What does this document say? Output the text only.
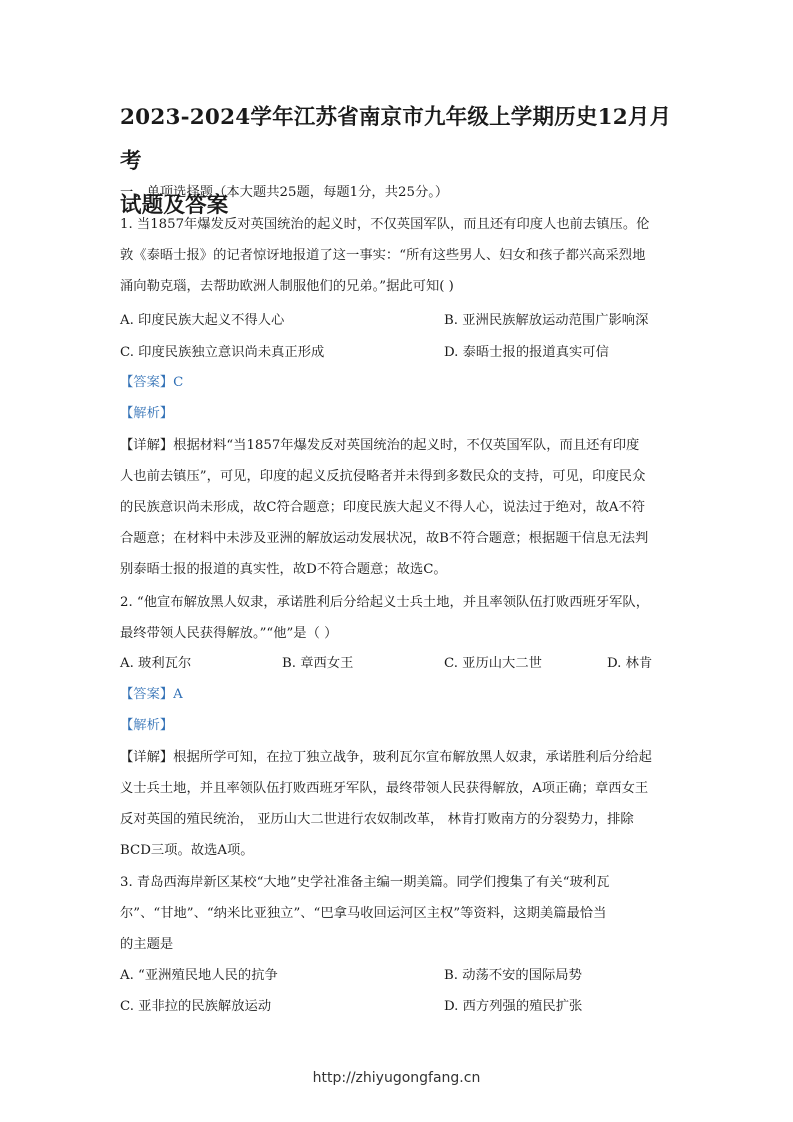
2023-2024学年江苏省南京市九年级上学期历史12月月考
试题及答案
一、单项选择题（本大题共25题，每题1分，共25分。）
1. 当1857年爆发反对英国统治的起义时，不仅英国军队，而且还有印度人也前去镇压。伦
敦《泰晤士报》的记者惊讶地报道了这一事实：“所有这些男人、妇女和孩子都兴高采烈地
涌向勒克瑙，去帮助欧洲人制服他们的兄弟。”据此可知( )
A. 印度民族大起义不得人心	B. 亚洲民族解放运动范围广影响深
C. 印度民族独立意识尚未真正形成	D. 泰晤士报的报道真实可信
【答案】C
【解析】
【详解】根据材料“当1857年爆发反对英国统治的起义时，不仅英国军队，而且还有印度
人也前去镇压”，可见，印度的起义反抗侵略者并未得到多数民众的支持，可见，印度民众
的民族意识尚未形成，故C符合题意；印度民族大起义不得人心，说法过于绝对，故A不符
合题意；在材料中未涉及亚洲的解放运动发展状况，故B不符合题意；根据题干信息无法判
别泰晤士报的报道的真实性，故D不符合题意；故选C。
2. “他宣布解放黑人奴隶，承诺胜利后分给起义士兵土地，并且率领队伍打败西班牙军队，
最终带领人民获得解放。”“他”是（ ）
A. 玻利瓦尔	B. 章西女王	C. 亚历山大二世	D. 林肯
【答案】A
【解析】
【详解】根据所学可知，在拉丁独立战争，玻利瓦尔宣布解放黑人奴隶，承诺胜利后分给起
义士兵土地，并且率领队伍打败西班牙军队，最终带领人民获得解放，A项正确；章西女王
反对英国的殖民统治， 亚历山大二世进行农奴制改革， 林肯打败南方的分裂势力，排除
BCD三项。故选A项。
3. 青岛西海岸新区某校“大地”史学社准备主编一期美篇。同学们搜集了有关“玻利瓦
尔”、“甘地”、“纳米比亚独立”、“巴拿马收回运河区主权”等资料，这期美篇最恰当
的主题是
A. “亚洲殖民地人民的抗争	B. 动荡不安的国际局势
C. 亚非拉的民族解放运动	D. 西方列强的殖民扩张
http://zhiyugongfang.cn
